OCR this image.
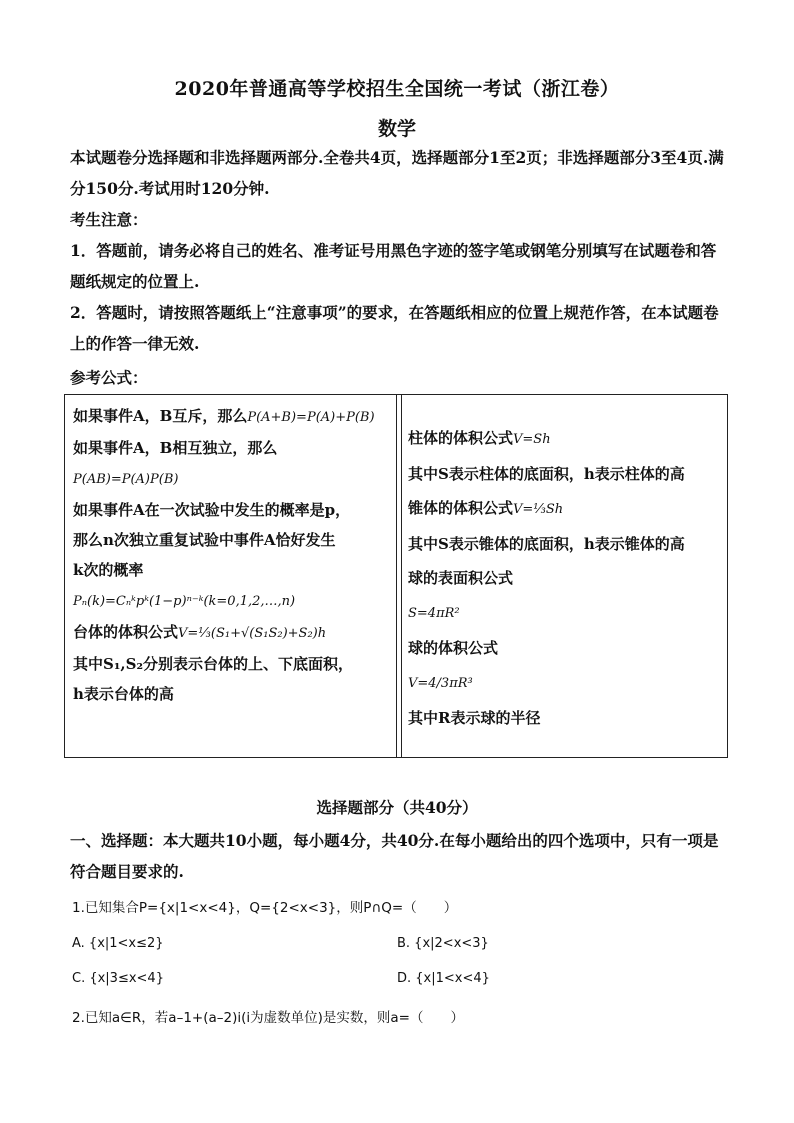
2020年普通高等学校招生全国统一考试（浙江卷）
数学
本试题卷分选择题和非选择题两部分.全卷共4页，选择题部分1至2页；非选择题部分3至4页.满分150分.考试用时120分钟.
考生注意：
1．答题前，请务必将自己的姓名、准考证号用黑色字迹的签字笔或钢笔分别填写在试题卷和答题纸规定的位置上.
2．答题时，请按照答题纸上“注意事项”的要求，在答题纸相应的位置上规范作答，在本试题卷上的作答一律无效.
参考公式：
如果事件A，B互斥，那么P(A+B)=P(A)+P(B)
如果事件A，B相互独立，那么
P(AB)=P(A)P(B)
如果事件A在一次试验中发生的概率是p，
那么n次独立重复试验中事件A恰好发生
k次的概率
Pₙ(k)=Cₙᵏpᵏ(1−p)ⁿ⁻ᵏ(k=0,1,2,…,n)
台体的体积公式V=⅓(S₁+√(S₁S₂)+S₂)h
其中S₁,S₂分别表示台体的上、下底面积，
h表示台体的高
柱体的体积公式V=Sh
其中S表示柱体的底面积，h表示柱体的高
锥体的体积公式V=⅓Sh
其中S表示锥体的底面积，h表示锥体的高
球的表面积公式
S=4πR²
球的体积公式
V=4/3πR³
其中R表示球的半径
选择题部分（共40分）
一、选择题：本大题共10小题，每小题4分，共40分.在每小题给出的四个选项中，只有一项是符合题目要求的.
1.已知集合P={x|1<x<4}，Q={2<x<3}，则P∩Q=（　　）
A. {x|1<x≤2}	B. {x|2<x<3}
C. {x|3≤x<4}	D. {x|1<x<4}
2.已知a∈R，若a–1+(a–2)i(i为虚数单位)是实数，则a=（　　）
